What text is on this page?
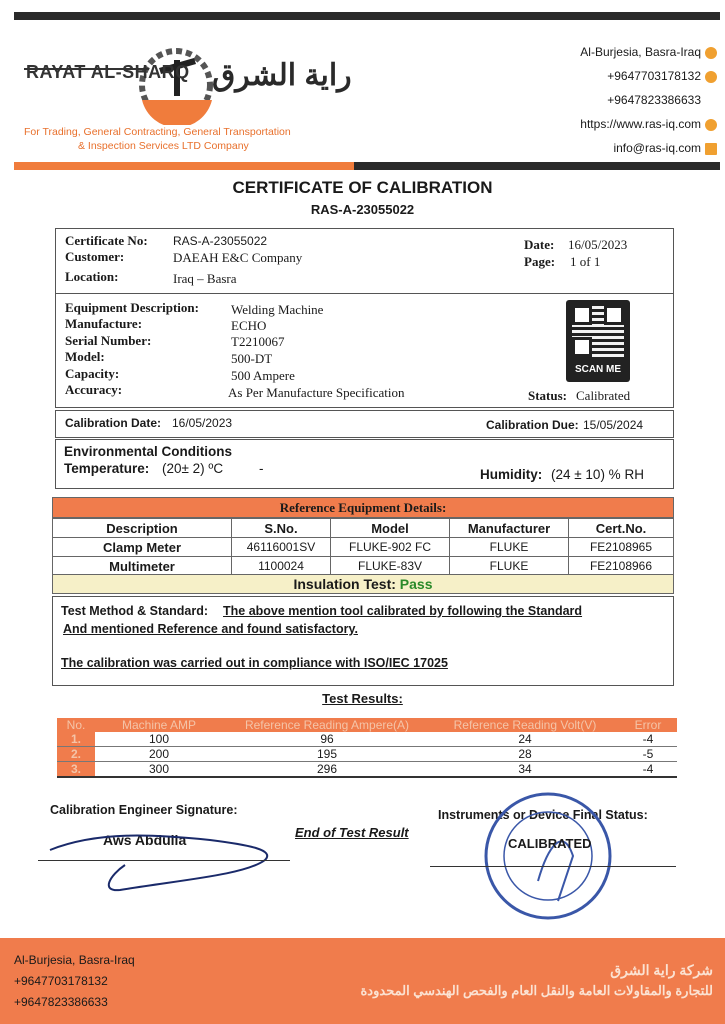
RAYAT AL-SHARQ راية الشرق
For Trading, General Contracting, General Transportation
& Inspection Services LTD Company
Al-Burjesia, Basra-Iraq
+9647703178132
+9647823386633
https://www.ras-iq.com
info@ras-iq.com
CERTIFICATE OF CALIBRATION
RAS-A-23055022
Certificate No: RAS-A-23055022
Customer:	DAEAH E&C Company
Location:	Iraq – Basra
Date: 16/05/2023
Page: 1 of 1
Equipment Description: Welding Machine
Manufacture:	ECHO
Serial Number:	T2210067
Model:	500-DT
Capacity:	500 Ampere
Accuracy:	As Per Manufacture Specification	Status: Calibrated
SCAN ME
Calibration Date: 16/05/2023	Calibration Due: 15/05/2024
Environmental Conditions
Temperature: (20± 2) ºC	-	Humidity: (24 ± 10) % RH
Reference Equipment Details:
Description	S.No.	Model	Manufacturer	Cert.No.
Clamp Meter	46116001SV	FLUKE-902 FC	FLUKE	FE2108965
Multimeter	1100024	FLUKE-83V	FLUKE	FE2108966
Insulation Test: Pass
Test Method & Standard: The above mention tool calibrated by following the Standard
And mentioned Reference and found satisfactory.
The calibration was carried out in compliance with ISO/IEC 17025
Test Results:
No.	Machine AMP	Reference Reading Ampere(A)	Reference Reading Volt(V)	Error
1.	100	96	24	-4
2.	200	195	28	-5
3.	300	296	34	-4
Calibration Engineer Signature:
Aws Abdulla	End of Test Result
Instruments or Device Final Status:
CALIBRATED
Al-Burjesia, Basra-Iraq
+9647703178132
+9647823386633
شركة راية الشرق
للتجارة والمقاولات العامة والنقل العام والفحص الهندسي المحدودة
